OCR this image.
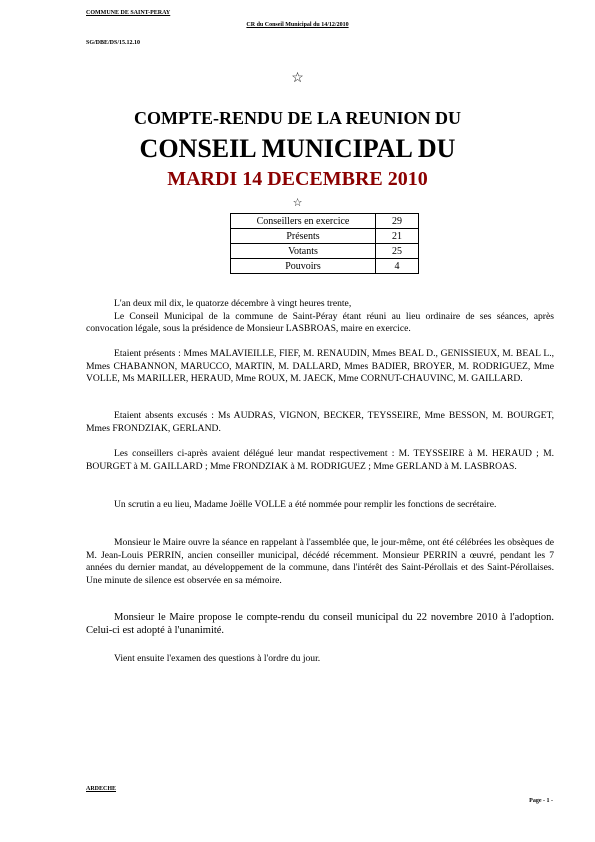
COMMUNE DE SAINT-PERAY
CR du Conseil Municipal du 14/12/2010
SG/DBE/DS/15.12.10
☆
COMPTE-RENDU DE LA REUNION DU
CONSEIL MUNICIPAL DU
MARDI 14 DECEMBRE 2010
☆
Conseillers en exercice	29
Présents	21
Votants	25
Pouvoirs	4

L'an deux mil dix, le quatorze décembre à vingt heures trente,

Le Conseil Municipal de la commune de Saint-Péray étant réuni au lieu ordinaire de ses séances, après convocation légale, sous la présidence de Monsieur LASBROAS, maire en exercice.

Etaient présents : Mmes MALAVIEILLE, FIEF, M. RENAUDIN, Mmes BEAL D., GENISSIEUX, M. BEAL L., Mmes CHABANNON, MARUCCO, MARTIN, M. DALLARD, Mmes BADIER, BROYER, M. RODRIGUEZ, Mme VOLLE, Ms MARILLER, HERAUD, Mme ROUX, M. JAECK, Mme CORNUT-CHAUVINC, M. GAILLARD.

Etaient absents excusés : Ms AUDRAS, VIGNON, BECKER, TEYSSEIRE, Mme BESSON, M. BOURGET, Mmes FRONDZIAK, GERLAND.

Les conseillers ci-après avaient délégué leur mandat respectivement : M. TEYSSEIRE à M. HERAUD ; M. BOURGET à M. GAILLARD ; Mme FRONDZIAK à M. RODRIGUEZ ; Mme GERLAND à M. LASBROAS.

Un scrutin a eu lieu, Madame Joëlle VOLLE a été nommée pour remplir les fonctions de secrétaire.

Monsieur le Maire ouvre la séance en rappelant à l'assemblée que, le jour-même, ont été célébrées les obsèques de M. Jean-Louis PERRIN, ancien conseiller municipal, décédé récemment. Monsieur PERRIN a œuvré, pendant les 7 années du dernier mandat, au développement de la commune, dans l'intérêt des Saint-Pérollais et des Saint-Pérollaises. Une minute de silence est observée en sa mémoire.

Monsieur le Maire propose le compte-rendu du conseil municipal du 22 novembre 2010 à l'adoption. Celui-ci est adopté à l'unanimité.

Vient ensuite l'examen des questions à l'ordre du jour.

ARDECHE
Page - 1 -
